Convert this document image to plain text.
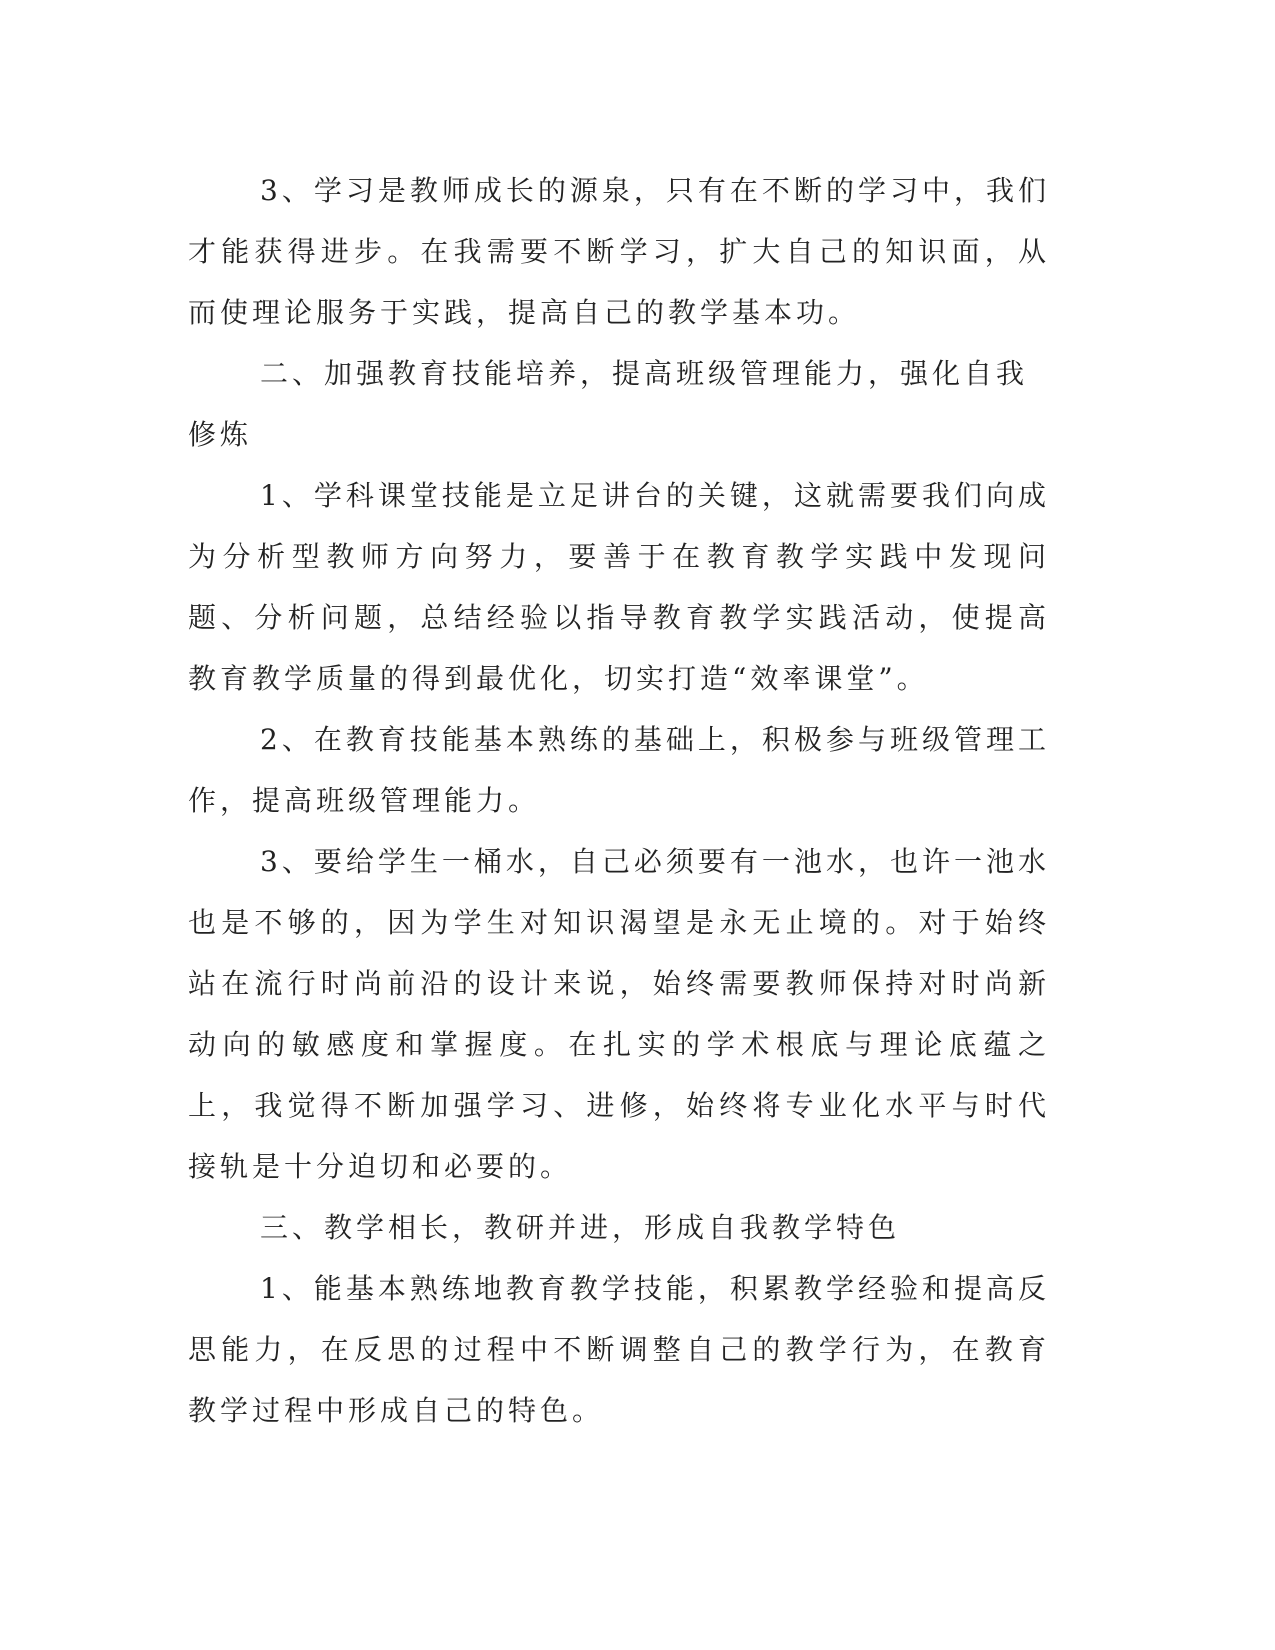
3、学习是教师成长的源泉，只有在不断的学习中，我们才能获得进步。在我需要不断学习，扩大自己的知识面，从而使理论服务于实践，提高自己的教学基本功。

二、加强教育技能培养，提高班级管理能力，强化自我修炼

1、学科课堂技能是立足讲台的关键，这就需要我们向成为分析型教师方向努力，要善于在教育教学实践中发现问题、分析问题，总结经验以指导教育教学实践活动，使提高教育教学质量的得到最优化，切实打造“效率课堂”。

2、在教育技能基本熟练的基础上，积极参与班级管理工作，提高班级管理能力。

3、要给学生一桶水，自己必须要有一池水，也许一池水也是不够的，因为学生对知识渴望是永无止境的。对于始终站在流行时尚前沿的设计来说，始终需要教师保持对时尚新动向的敏感度和掌握度。在扎实的学术根底与理论底蕴之上，我觉得不断加强学习、进修，始终将专业化水平与时代接轨是十分迫切和必要的。

三、教学相长，教研并进，形成自我教学特色

1、能基本熟练地教育教学技能，积累教学经验和提高反思能力，在反思的过程中不断调整自己的教学行为，在教育教学过程中形成自己的特色。
